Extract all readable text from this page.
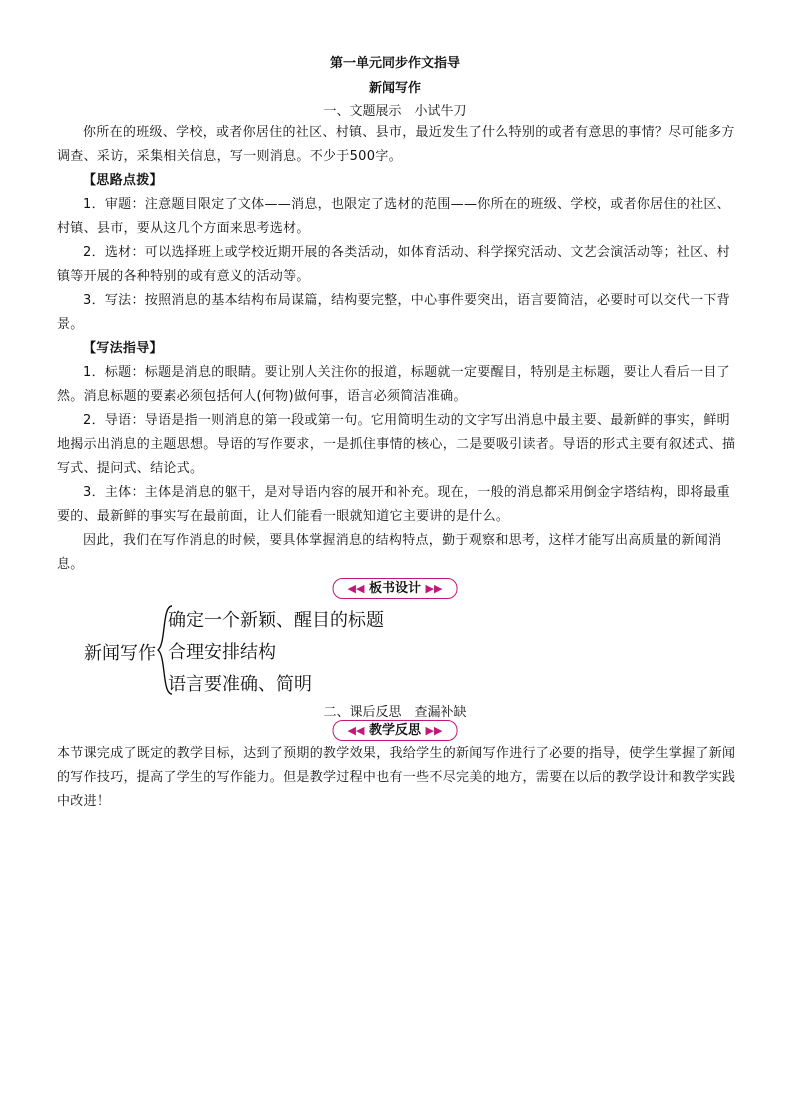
第一单元同步作文指导
新闻写作
一、文题展示　小试牛刀

你所在的班级、学校，或者你居住的社区、村镇、县市，最近发生了什么特别的或者有意思的事情？尽可能多方调查、采访，采集相关信息，写一则消息。不少于500字。

【思路点拨】

1．审题：注意题目限定了文体——消息，也限定了选材的范围——你所在的班级、学校，或者你居住的社区、村镇、县市，要从这几个方面来思考选材。

2．选材：可以选择班上或学校近期开展的各类活动，如体育活动、科学探究活动、文艺会演活动等；社区、村镇等开展的各种特别的或有意义的活动等。

3．写法：按照消息的基本结构布局谋篇，结构要完整，中心事件要突出，语言要简洁，必要时可以交代一下背景。

【写法指导】

1．标题：标题是消息的眼睛。要让别人关注你的报道，标题就一定要醒目，特别是主标题，要让人看后一目了然。消息标题的要素必须包括何人(何物)做何事，语言必须简洁准确。

2．导语：导语是指一则消息的第一段或第一句。它用简明生动的文字写出消息中最主要、最新鲜的事实，鲜明地揭示出消息的主题思想。导语的写作要求，一是抓住事情的核心，二是要吸引读者。导语的形式主要有叙述式、描写式、提问式、结论式。

3．主体：主体是消息的躯干，是对导语内容的展开和补充。现在，一般的消息都采用倒金字塔结构，即将最重要的、最新鲜的事实写在最前面，让人们能看一眼就知道它主要讲的是什么。

因此，我们在写作消息的时候，要具体掌握消息的结构特点，勤于观察和思考，这样才能写出高质量的新闻消息。

◀◀ 板书设计 ▶▶
新闻写作
确定一个新颖、醒目的标题
合理安排结构
语言要准确、简明
二、课后反思　查漏补缺
◀◀ 教学反思 ▶▶
本节课完成了既定的教学目标，达到了预期的教学效果，我给学生的新闻写作进行了必要的指导，使学生掌握了新闻的写作技巧，提高了学生的写作能力。但是教学过程中也有一些不尽完美的地方，需要在以后的教学设计和教学实践中改进！
